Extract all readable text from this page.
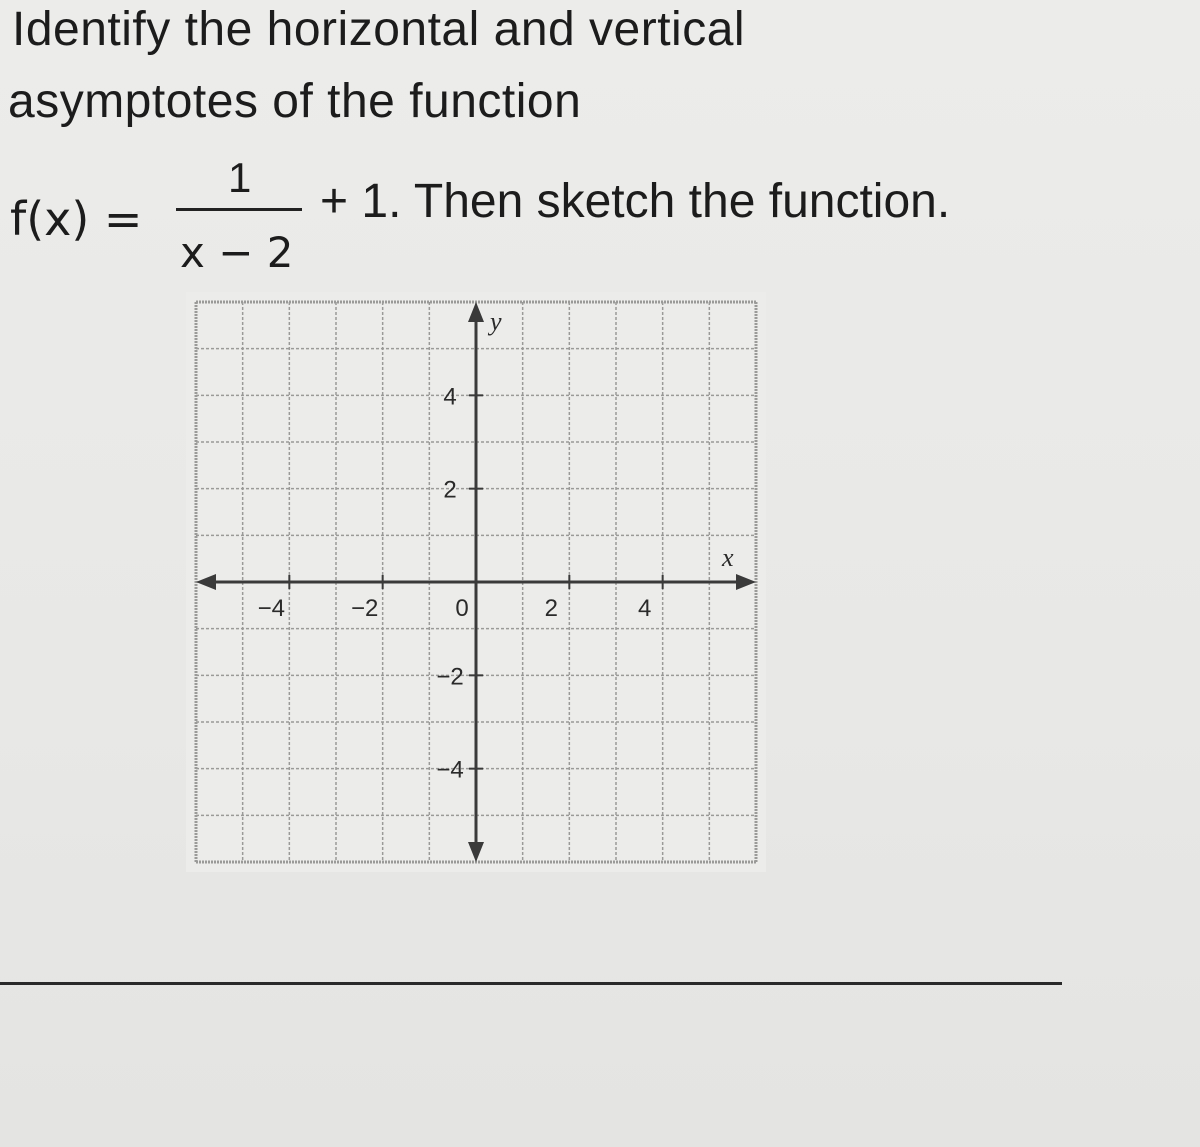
Identify the horizontal and vertical
asymptotes of the function
f(x) =
1
x − 2
+ 1. Then sketch the function.
−4	−2	0	2	4
4
2
−2
−4
x
y
